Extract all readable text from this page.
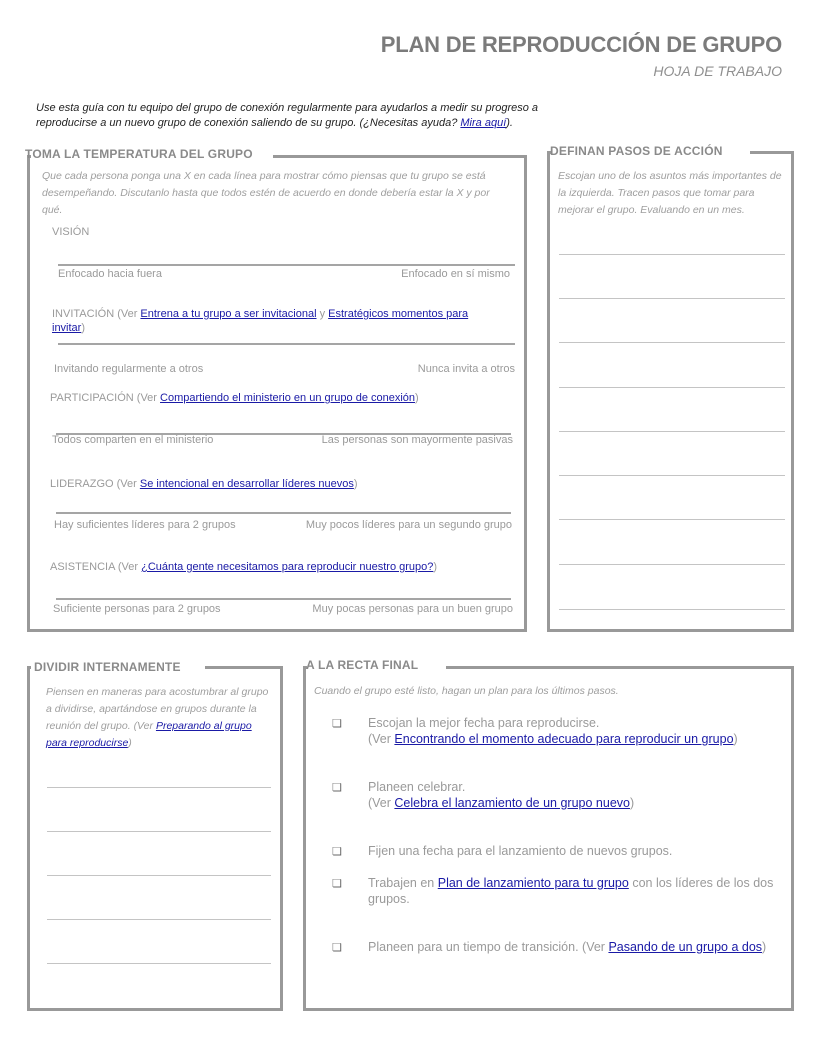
PLAN DE REPRODUCCIÓN DE GRUPO
HOJA DE TRABAJO

Use esta guía con tu equipo del grupo de conexión regularmente para ayudarlos a medir su progreso a reproducirse a un nuevo grupo de conexión saliendo de su grupo. (¿Necesitas ayuda? Mira aquí).

TOMA LA TEMPERATURA DEL GRUPO

Que cada persona ponga una X en cada línea para mostrar cómo piensas que tu grupo se está desempeñando. Discutanlo hasta que todos estén de acuerdo en donde debería estar la X y por qué.

VISIÓN
Enfocado hacia fuera	Enfocado en sí mismo
INVITACIÓN (Ver Entrena a tu grupo a ser invitacional y Estratégicos momentos para invitar)
Invitando regularmente a otros	Nunca invita a otros
PARTICIPACIÓN (Ver Compartiendo el ministerio en un grupo de conexión)
Todos comparten en el ministerio	Las personas son mayormente pasivas
LIDERAZGO (Ver Se intencional en desarrollar líderes nuevos)
Hay suficientes líderes para 2 grupos	Muy pocos líderes para un segundo grupo
ASISTENCIA (Ver ¿Cuánta gente necesitamos para reproducir nuestro grupo?)
Suficiente personas para 2 grupos	Muy pocas personas para un buen grupo
DEFINAN PASOS DE ACCIÓN

Escojan uno de los asuntos más importantes de la izquierda. Tracen pasos que tomar para mejorar el grupo. Evaluando en un mes.

DIVIDIR INTERNAMENTE

Piensen en maneras para acostumbrar al grupo a dividirse, apartándose en grupos durante la reunión del grupo. (Ver Preparando al grupo para reproducirse)

A LA RECTA FINAL

Cuando el grupo esté listo, hagan un plan para los últimos pasos.

❏ Escojan la mejor fecha para reproducirse.
(Ver Encontrando el momento adecuado para reproducir un grupo)
❏ Planeen celebrar.
(Ver Celebra el lanzamiento de un grupo nuevo)
❏ Fijen una fecha para el lanzamiento de nuevos grupos.
❏ Trabajen en Plan de lanzamiento para tu grupo con los líderes de los dos grupos.
❏ Planeen para un tiempo de transición. (Ver Pasando de un grupo a dos)
